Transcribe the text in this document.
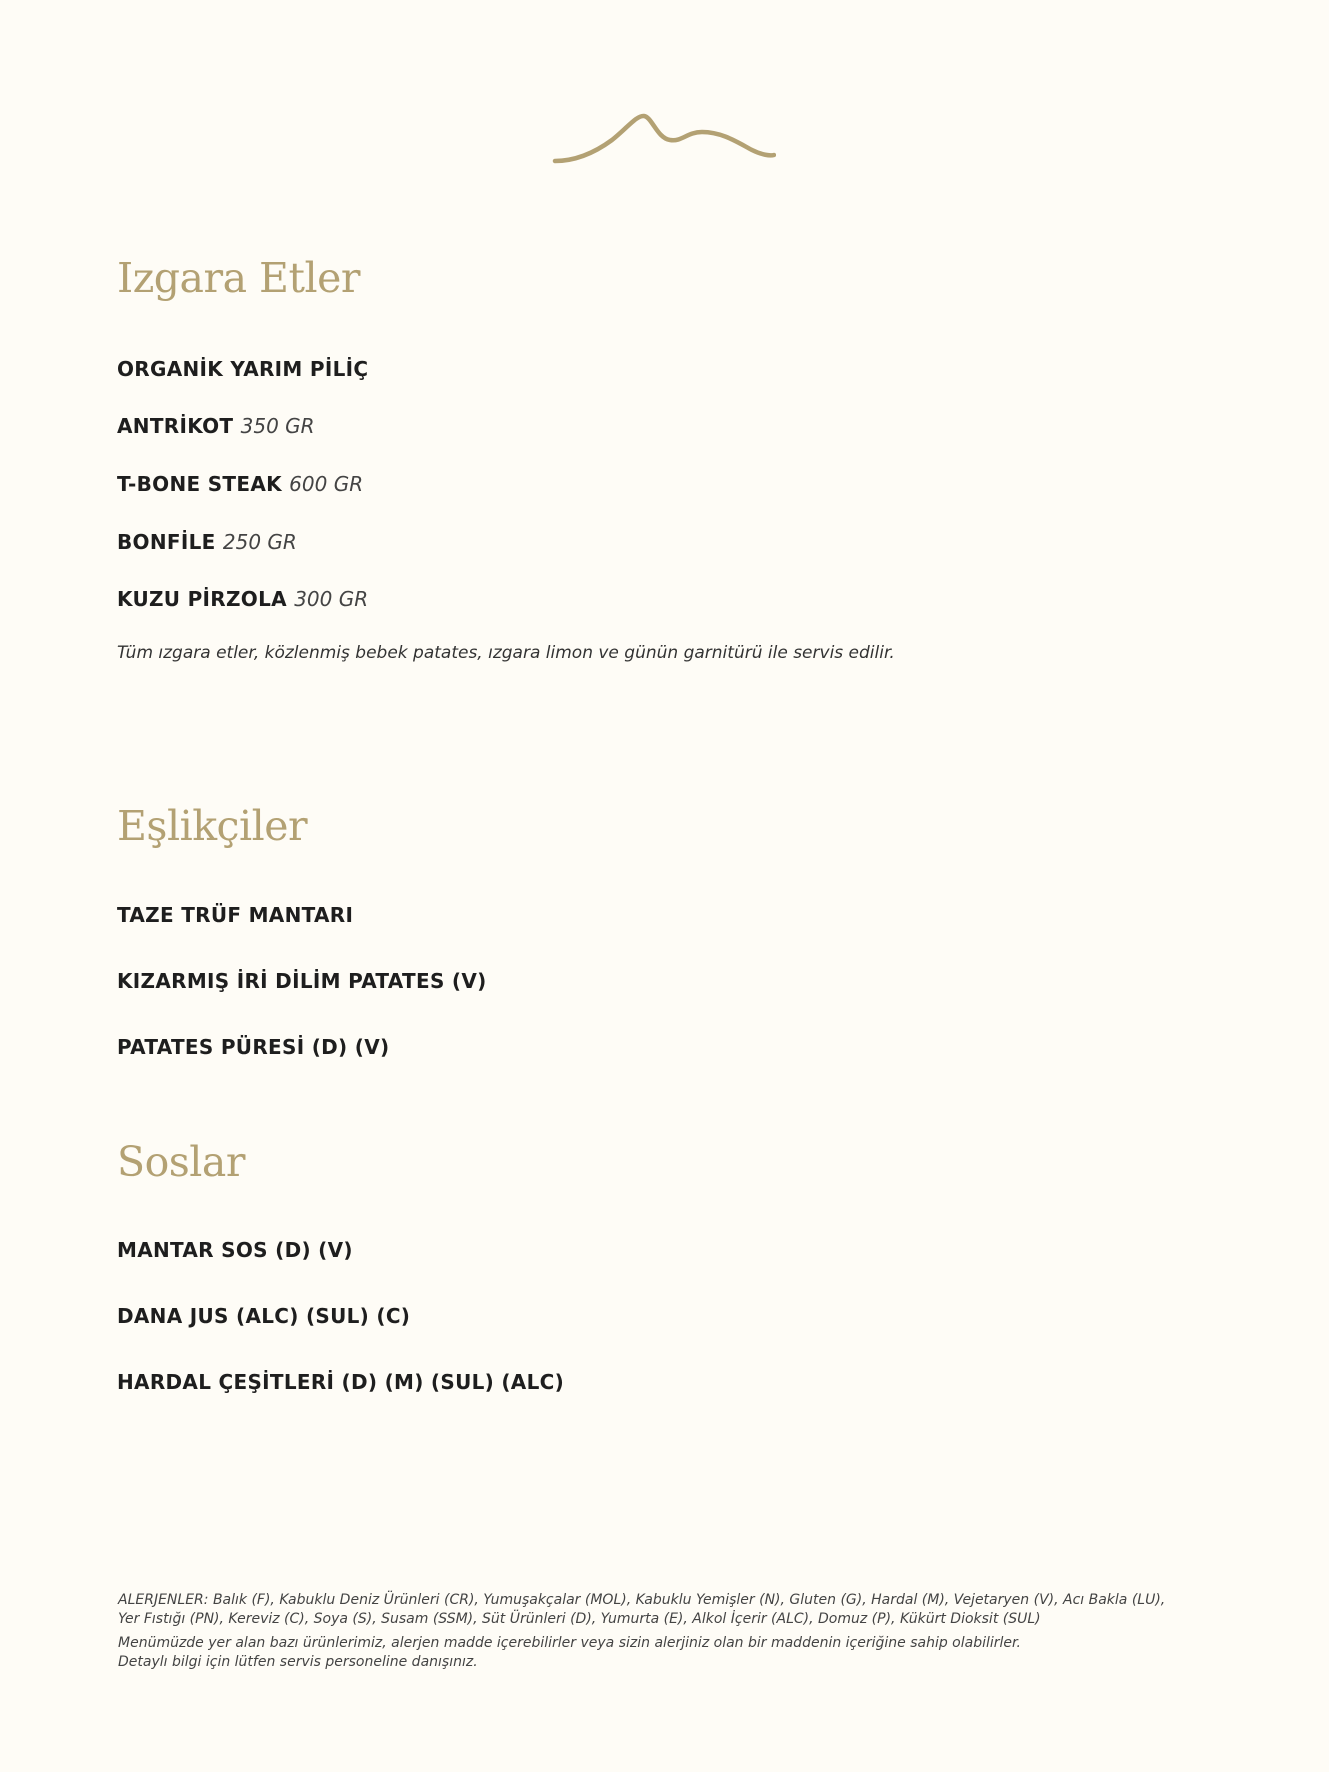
Izgara Etler

ORGANİK YARIM PİLİÇ

ANTRİKOT 350 GR

T-BONE STEAK 600 GR

BONFİLE 250 GR

KUZU PİRZOLA 300 GR

Tüm ızgara etler, közlenmiş bebek patates, ızgara limon ve günün garnitürü ile servis edilir.

Eşlikçiler

TAZE TRÜF MANTARI

KIZARMIŞ İRİ DİLİM PATATES (V)

PATATES PÜRESİ (D) (V)

Soslar

MANTAR SOS (D) (V)

DANA JUS (ALC) (SUL) (C)

HARDAL ÇEŞİTLERİ (D) (M) (SUL) (ALC)

ALERJENLER: Balık (F), Kabuklu Deniz Ürünleri (CR), Yumuşakçalar (MOL), Kabuklu Yemişler (N), Gluten (G), Hardal (M), Vejetaryen (V), Acı Bakla (LU),

Yer Fıstığı (PN), Kereviz (C), Soya (S), Susam (SSM), Süt Ürünleri (D), Yumurta (E), Alkol İçerir (ALC), Domuz (P), Kükürt Dioksit (SUL)

Menümüzde yer alan bazı ürünlerimiz, alerjen madde içerebilirler veya sizin alerjiniz olan bir maddenin içeriğine sahip olabilirler.

Detaylı bilgi için lütfen servis personeline danışınız.
